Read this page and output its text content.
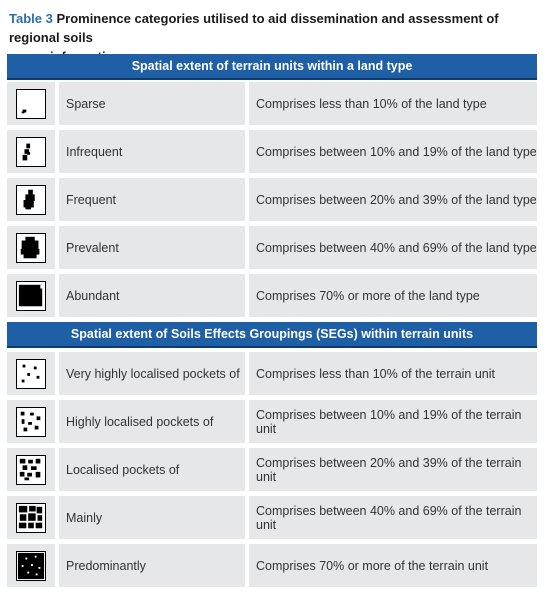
Table 3 Prominence categories utilised to aid dissemination and assessment of regional soils
Spatial extent of terrain units within a land type
Sparse	Comprises less than 10% of the land type
Infrequent	Comprises between 10% and 19% of the land type
Frequent	Comprises between 20% and 39% of the land type
Prevalent	Comprises between 40% and 69% of the land type
Abundant	Comprises 70% or more of the land type
Spatial extent of Soils Effects Groupings (SEGs) within terrain units
Very highly localised pockets of	Comprises less than 10% of the terrain unit
Highly localised pockets of	Comprises between 10% and 19% of the terrain unit
Localised pockets of	Comprises between 20% and 39% of the terrain unit
Mainly	Comprises between 40% and 69% of the terrain unit
Predominantly	Comprises 70% or more of the terrain unit
